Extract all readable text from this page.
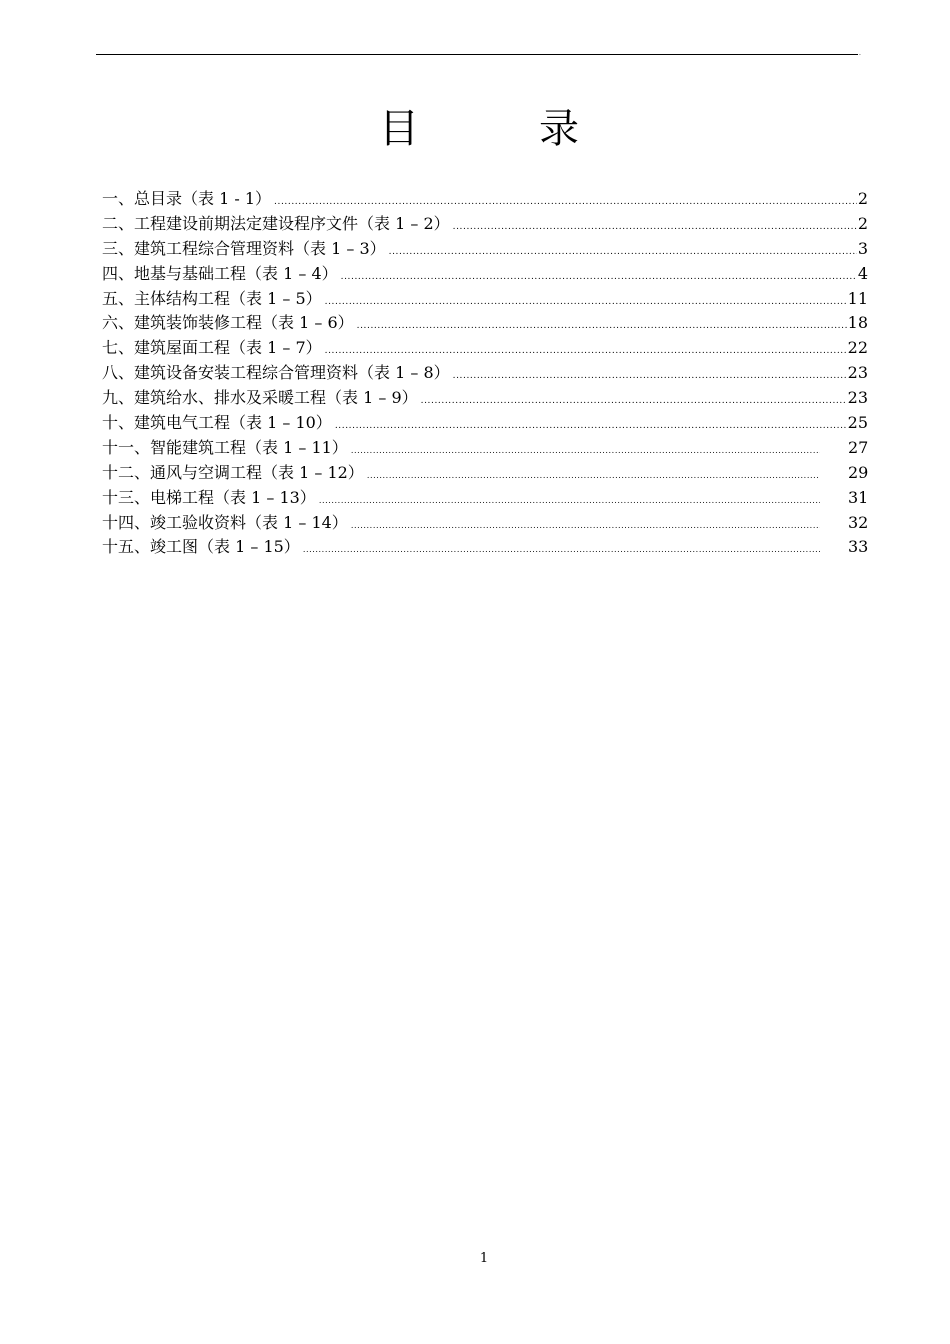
.
目　　　录
一、总目录（表 1 - 1） .....	2
二、工程建设前期法定建设程序文件（表 1 – 2） .....	2
三、建筑工程综合管理资料（表 1 – 3） .....	3
四、地基与基础工程（表 1 – 4） .....	4
五、主体结构工程（表 1 – 5） .....	11
六、建筑装饰装修工程（表 1 – 6） .....	18
七、建筑屋面工程（表 1 – 7） .....	22
八、建筑设备安装工程综合管理资料（表 1 – 8） .....	23
九、建筑给水、排水及采暖工程（表 1 – 9） .....	23
十、建筑电气工程（表 1 – 10） .....	25
十一、智能建筑工程（表 1 – 11） .....	27
十二、通风与空调工程（表 1 – 12） .....	29
十三、电梯工程（表 1 – 13） .....	31
十四、竣工验收资料（表 1 – 14） .....	32
十五、竣工图（表 1 – 15） .....	33
1
